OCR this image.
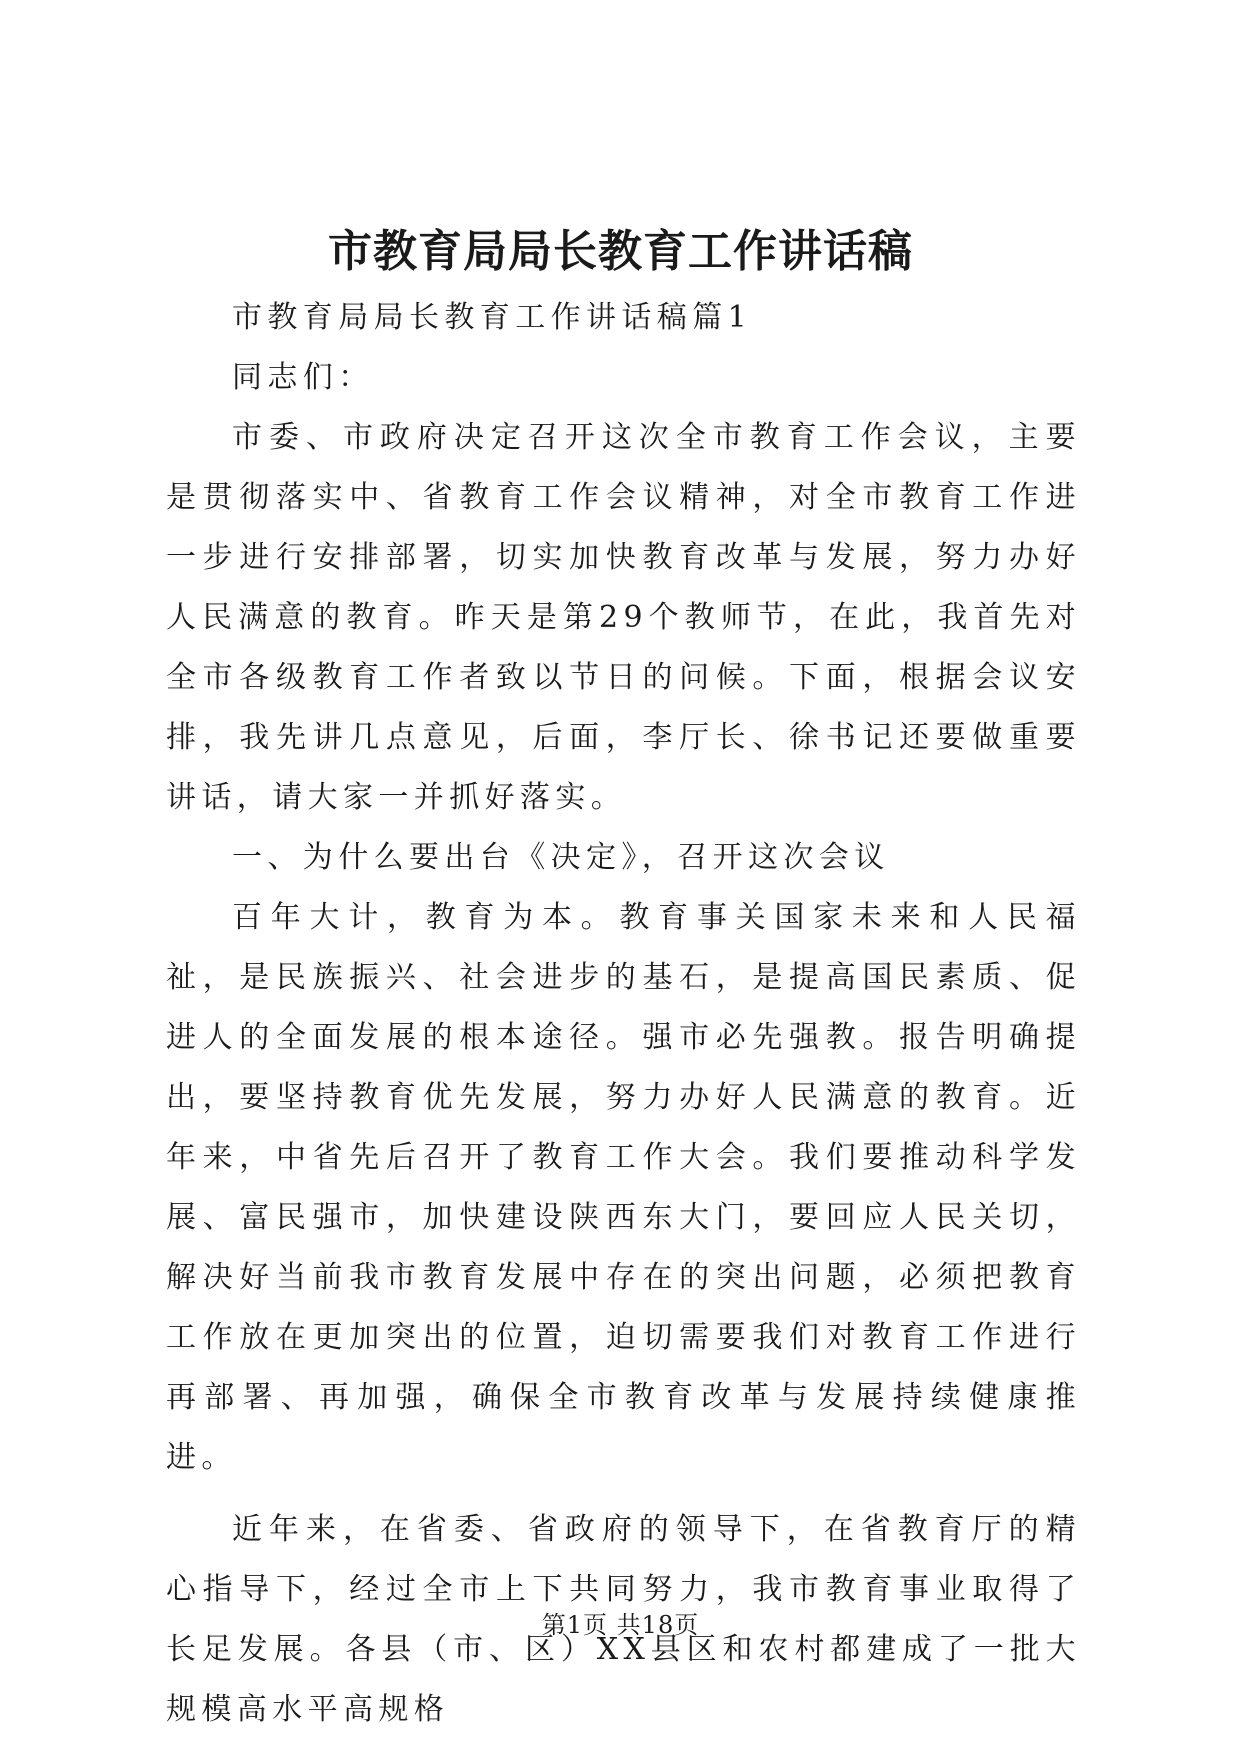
市教育局局长教育工作讲话稿

市教育局局长教育工作讲话稿篇1

同志们：

市委、市政府决定召开这次全市教育工作会议，主要是贯彻落实中、省教育工作会议精神，对全市教育工作进一步进行安排部署，切实加快教育改革与发展，努力办好人民满意的教育。昨天是第29个教师节，在此，我首先对全市各级教育工作者致以节日的问候。下面，根据会议安排，我先讲几点意见，后面，李厅长、徐书记还要做重要讲话，请大家一并抓好落实。

一、为什么要出台《决定》，召开这次会议

百年大计，教育为本。教育事关国家未来和人民福祉，是民族振兴、社会进步的基石，是提高国民素质、促进人的全面发展的根本途径。强市必先强教。报告明确提出，要坚持教育优先发展，努力办好人民满意的教育。近年来，中省先后召开了教育工作大会。我们要推动科学发展、富民强市，加快建设陕西东大门，要回应人民关切，解决好当前我市教育发展中存在的突出问题，必须把教育工作放在更加突出的位置，迫切需要我们对教育工作进行再部署、再加强，确保全市教育改革与发展持续健康推进。

近年来，在省委、省政府的领导下，在省教育厅的精心指导下，经过全市上下共同努力，我市教育事业取得了长足发展。各县（市、区）XX县区和农村都建成了一批大规模高水平高规格

第1页 共18页
